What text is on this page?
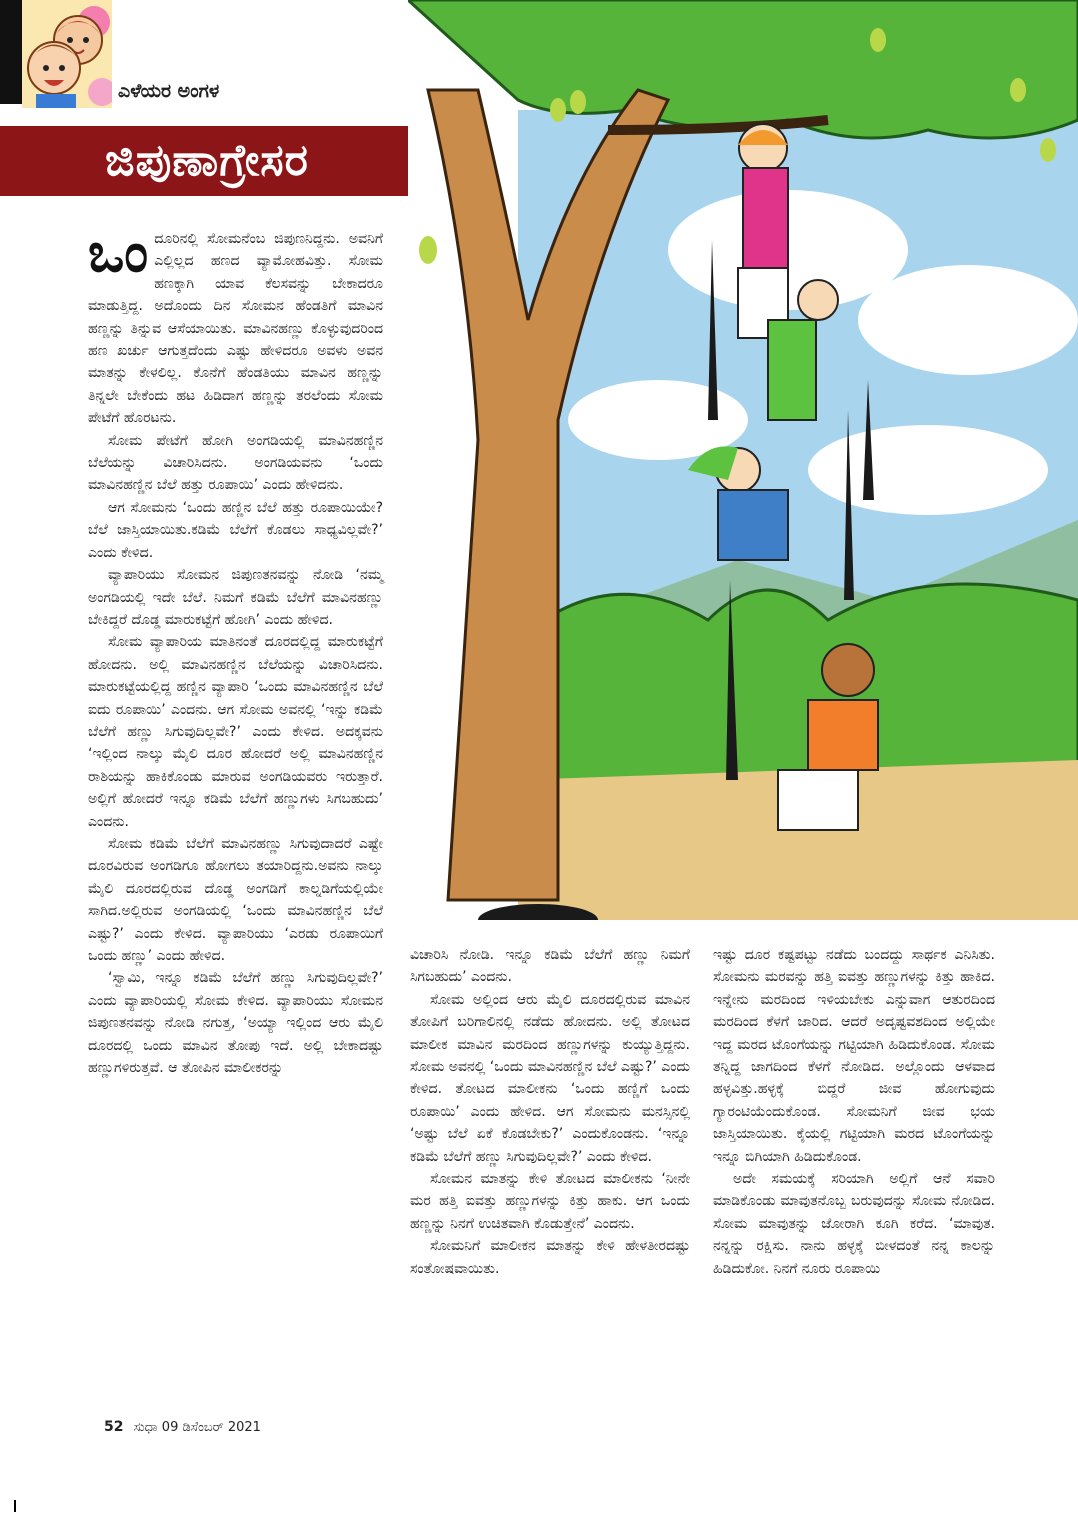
ಎಳೆಯರ ಅಂಗಳ
ಜಿಪುಣಾಗ್ರೇಸರ

ಒಂದೂರಿನಲ್ಲಿ ಸೋಮನೆಂಬ ಜಿಪುಣನಿದ್ದನು. ಅವನಿಗೆ ಎಲ್ಲಿಲ್ಲದ ಹಣದ ವ್ಯಾಮೋಹವಿತ್ತು. ಸೋಮ ಹಣಕ್ಕಾಗಿ ಯಾವ ಕೆಲಸವನ್ನು ಬೇಕಾದರೂ ಮಾಡುತ್ತಿದ್ದ. ಅದೊಂದು ದಿನ ಸೋಮನ ಹೆಂಡತಿಗೆ ಮಾವಿನ ಹಣ್ಣನ್ನು ತಿನ್ನುವ ಆಸೆಯಾಯಿತು. ಮಾವಿನಹಣ್ಣು ಕೊಳ್ಳುವುದರಿಂದ ಹಣ ಖರ್ಚು ಆಗುತ್ತದೆಂದು ಎಷ್ಟು ಹೇಳಿದರೂ ಅವಳು ಅವನ ಮಾತನ್ನು ಕೇಳಲಿಲ್ಲ. ಕೊನೆಗೆ ಹೆಂಡತಿಯು ಮಾವಿನ ಹಣ್ಣನ್ನು ತಿನ್ನಲೇ ಬೇಕೆಂದು ಹಟ ಹಿಡಿದಾಗ ಹಣ್ಣನ್ನು ತರಲೆಂದು ಸೋಮ ಪೇಟೆಗೆ ಹೊರಟನು.

ಸೋಮ ಪೇಟೆಗೆ ಹೋಗಿ ಅಂಗಡಿಯಲ್ಲಿ ಮಾವಿನಹಣ್ಣಿನ ಬೆಲೆಯನ್ನು ವಿಚಾರಿಸಿದನು. ಅಂಗಡಿಯವನು ‘ಒಂದು ಮಾವಿನಹಣ್ಣಿನ ಬೆಲೆ ಹತ್ತು ರೂಪಾಯಿ’ ಎಂದು ಹೇಳಿದನು.

ಆಗ ಸೋಮನು ‘ಒಂದು ಹಣ್ಣಿನ ಬೆಲೆ ಹತ್ತು ರೂಪಾಯಿಯೇ? ಬೆಲೆ ಜಾಸ್ತಿಯಾಯಿತು.ಕಡಿಮೆ ಬೆಲೆಗೆ ಕೊಡಲು ಸಾಧ್ಯವಿಲ್ಲವೇ?’ ಎಂದು ಕೇಳಿದ.

ವ್ಯಾಪಾರಿಯು ಸೋಮನ ಜಿಪುಣತನವನ್ನು ನೋಡಿ ‘ನಮ್ಮ ಅಂಗಡಿಯಲ್ಲಿ ಇದೇ ಬೆಲೆ. ನಿಮಗೆ ಕಡಿಮೆ ಬೆಲೆಗೆ ಮಾವಿನಹಣ್ಣು ಬೇಕಿದ್ದರೆ ದೊಡ್ಡ ಮಾರುಕಟ್ಟೆಗೆ ಹೋಗಿ’ ಎಂದು ಹೇಳಿದ.

ಸೋಮ ವ್ಯಾಪಾರಿಯ ಮಾತಿನಂತೆ ದೂರದಲ್ಲಿದ್ದ ಮಾರುಕಟ್ಟೆಗೆ ಹೋದನು. ಅಲ್ಲಿ ಮಾವಿನಹಣ್ಣಿನ ಬೆಲೆಯನ್ನು ವಿಚಾರಿಸಿದನು. ಮಾರುಕಟ್ಟೆಯಲ್ಲಿದ್ದ ಹಣ್ಣಿನ ವ್ಯಾಪಾರಿ ‘ಒಂದು ಮಾವಿನಹಣ್ಣಿನ ಬೆಲೆ ಐದು ರೂಪಾಯಿ’ ಎಂದನು. ಆಗ ಸೋಮ ಅವನಲ್ಲಿ ‘ಇನ್ನು ಕಡಿಮೆ ಬೆಲೆಗೆ ಹಣ್ಣು ಸಿಗುವುದಿಲ್ಲವೇ?’ ಎಂದು ಕೇಳಿದ. ಅದಕ್ಕವನು ‘ಇಲ್ಲಿಂದ ನಾಲ್ಕು ಮೈಲಿ ದೂರ ಹೋದರೆ ಅಲ್ಲಿ ಮಾವಿನಹಣ್ಣಿನ ರಾಶಿಯನ್ನು ಹಾಕಿಕೊಂಡು ಮಾರುವ ಅಂಗಡಿಯವರು ಇರುತ್ತಾರೆ. ಅಲ್ಲಿಗೆ ಹೋದರೆ ಇನ್ನೂ ಕಡಿಮೆ ಬೆಲೆಗೆ ಹಣ್ಣುಗಳು ಸಿಗಬಹುದು’ ಎಂದನು.

ಸೋಮ ಕಡಿಮೆ ಬೆಲೆಗೆ ಮಾವಿನಹಣ್ಣು ಸಿಗುವುದಾದರೆ ಎಷ್ಟೇ ದೂರವಿರುವ ಅಂಗಡಿಗೂ ಹೋಗಲು ತಯಾರಿದ್ದನು.ಅವನು ನಾಲ್ಕು ಮೈಲಿ ದೂರದಲ್ಲಿರುವ ದೊಡ್ಡ ಅಂಗಡಿಗೆ ಕಾಲ್ನಡಿಗೆಯಲ್ಲಿಯೇ ಸಾಗಿದ.ಅಲ್ಲಿರುವ ಅಂಗಡಿಯಲ್ಲಿ ‘ಒಂದು ಮಾವಿನಹಣ್ಣಿನ ಬೆಲೆ ಎಷ್ಟು?’ ಎಂದು ಕೇಳಿದ. ವ್ಯಾಪಾರಿಯು ‘ಎರಡು ರೂಪಾಯಿಗೆ ಒಂದು ಹಣ್ಣು’ ಎಂದು ಹೇಳಿದ.

‘ಸ್ವಾಮಿ, ಇನ್ನೂ ಕಡಿಮೆ ಬೆಲೆಗೆ ಹಣ್ಣು ಸಿಗುವುದಿಲ್ಲವೇ?’ ಎಂದು ವ್ಯಾಪಾರಿಯಲ್ಲಿ ಸೋಮ ಕೇಳಿದ. ವ್ಯಾಪಾರಿಯು ಸೋಮನ ಜಿಪುಣತನವನ್ನು ನೋಡಿ ನಗುತ್ತ, ‘ಅಯ್ಯಾ ಇಲ್ಲಿಂದ ಆರು ಮೈಲಿ ದೂರದಲ್ಲಿ ಒಂದು ಮಾವಿನ ತೋಪು ಇದೆ. ಅಲ್ಲಿ ಬೇಕಾದಷ್ಟು ಹಣ್ಣುಗಳಿರುತ್ತವೆ. ಆ ತೋಪಿನ ಮಾಲೀಕರನ್ನು

ವಿಚಾರಿಸಿ ನೋಡಿ. ಇನ್ನೂ ಕಡಿಮೆ ಬೆಲೆಗೆ ಹಣ್ಣು ನಿಮಗೆ ಸಿಗಬಹುದು’ ಎಂದನು.

ಸೋಮ ಅಲ್ಲಿಂದ ಆರು ಮೈಲಿ ದೂರದಲ್ಲಿರುವ ಮಾವಿನ ತೋಪಿಗೆ ಬರಿಗಾಲಿನಲ್ಲಿ ನಡೆದು ಹೋದನು. ಅಲ್ಲಿ ತೋಟದ ಮಾಲೀಕ ಮಾವಿನ ಮರದಿಂದ ಹಣ್ಣುಗಳನ್ನು ಕುಯ್ಯುತ್ತಿದ್ದನು. ಸೋಮ ಅವನಲ್ಲಿ ‘ಒಂದು ಮಾವಿನಹಣ್ಣಿನ ಬೆಲೆ ಎಷ್ಟು?’ ಎಂದು ಕೇಳಿದ. ತೋಟದ ಮಾಲೀಕನು ‘ಒಂದು ಹಣ್ಣಿಗೆ ಒಂದು ರೂಪಾಯಿ’ ಎಂದು ಹೇಳಿದ. ಆಗ ಸೋಮನು ಮನಸ್ಸಿನಲ್ಲಿ ‘ಅಷ್ಟು ಬೆಲೆ ಏಕೆ ಕೊಡಬೇಕು?’ ಎಂದುಕೊಂಡನು. ‘ಇನ್ನೂ ಕಡಿಮೆ ಬೆಲೆಗೆ ಹಣ್ಣು ಸಿಗುವುದಿಲ್ಲವೇ?’ ಎಂದು ಕೇಳಿದ.

ಸೋಮನ ಮಾತನ್ನು ಕೇಳಿ ತೋಟದ ಮಾಲೀಕನು ‘ನೀನೇ ಮರ ಹತ್ತಿ ಐವತ್ತು ಹಣ್ಣುಗಳನ್ನು ಕಿತ್ತು ಹಾಕು. ಆಗ ಒಂದು ಹಣ್ಣನ್ನು ನಿನಗೆ ಉಚಿತವಾಗಿ ಕೊಡುತ್ತೇನೆ’ ಎಂದನು.

ಸೋಮನಿಗೆ ಮಾಲೀಕನ ಮಾತನ್ನು ಕೇಳಿ ಹೇಳತೀರದಷ್ಟು ಸಂತೋಷವಾಯಿತು.

ಇಷ್ಟು ದೂರ ಕಷ್ಟಪಟ್ಟು ನಡೆದು ಬಂದದ್ದು ಸಾರ್ಥಕ ಎನಿಸಿತು. ಸೋಮನು ಮರವನ್ನು ಹತ್ತಿ ಐವತ್ತು ಹಣ್ಣುಗಳನ್ನು ಕಿತ್ತು ಹಾಕಿದ. ಇನ್ನೇನು ಮರದಿಂದ ಇಳಿಯಬೇಕು ಎನ್ನುವಾಗ ಆತುರದಿಂದ ಮರದಿಂದ ಕೆಳಗೆ ಜಾರಿದ. ಆದರೆ ಅದೃಷ್ಟವಶದಿಂದ ಅಲ್ಲಿಯೇ ಇದ್ದ ಮರದ ಟೊಂಗೆಯನ್ನು ಗಟ್ಟಿಯಾಗಿ ಹಿಡಿದುಕೊಂಡ. ಸೋಮ ತನ್ನಿದ್ದ ಜಾಗದಿಂದ ಕೆಳಗೆ ನೋಡಿದ. ಅಲ್ಲೊಂದು ಆಳವಾದ ಹಳ್ಳವಿತ್ತು.ಹಳ್ಳಕ್ಕೆ ಬಿದ್ದರೆ ಜೀವ ಹೋಗುವುದು ಗ್ಯಾರಂಟಿಯೆಂದುಕೊಂಡ. ಸೋಮನಿಗೆ ಜೀವ ಭಯ ಜಾಸ್ತಿಯಾಯಿತು. ಕೈಯಲ್ಲಿ ಗಟ್ಟಿಯಾಗಿ ಮರದ ಟೊಂಗೆಯನ್ನು ಇನ್ನೂ ಬಿಗಿಯಾಗಿ ಹಿಡಿದುಕೊಂಡ.

ಅದೇ ಸಮಯಕ್ಕೆ ಸರಿಯಾಗಿ ಅಲ್ಲಿಗೆ ಆನೆ ಸವಾರಿ ಮಾಡಿಕೊಂಡು ಮಾವುತನೊಬ್ಬ ಬರುವುದನ್ನು ಸೋಮ ನೋಡಿದ. ಸೋಮ ಮಾವುತನ್ನು ಜೋರಾಗಿ ಕೂಗಿ ಕರೆದ. ‘ಮಾವುತ. ನನ್ನನ್ನು ರಕ್ಷಿಸು. ನಾನು ಹಳ್ಳಕ್ಕೆ ಬೀಳದಂತೆ ನನ್ನ ಕಾಲನ್ನು ಹಿಡಿದುಕೋ. ನಿನಗೆ ನೂರು ರೂಪಾಯಿ

52 ಸುಧಾ 09 ಡಿಸೆಂಬರ್ 2021
